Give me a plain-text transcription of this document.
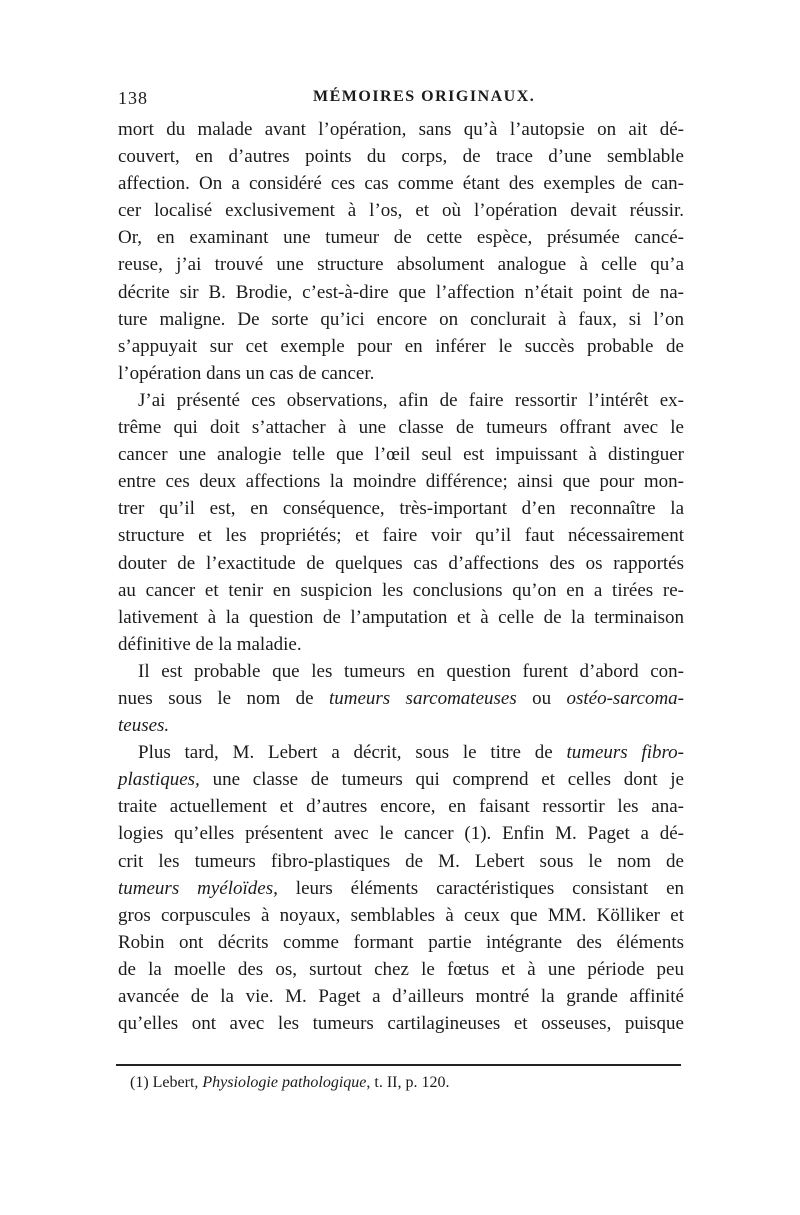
138	MÉMOIRES ORIGINAUX.
mort du malade avant l’opération, sans qu’à l’autopsie on ait dé-
couvert, en d’autres points du corps, de trace d’une semblable
affection. On a considéré ces cas comme étant des exemples de can-
cer localisé exclusivement à l’os, et où l’opération devait réussir.
Or, en examinant une tumeur de cette espèce, présumée cancé-
reuse, j’ai trouvé une structure absolument analogue à celle qu’a
décrite sir B. Brodie, c’est-à-dire que l’affection n’était point de na-
ture maligne. De sorte qu’ici encore on conclurait à faux, si l’on
s’appuyait sur cet exemple pour en inférer le succès probable de
l’opération dans un cas de cancer.
J’ai présenté ces observations, afin de faire ressortir l’intérêt ex-
trême qui doit s’attacher à une classe de tumeurs offrant avec le
cancer une analogie telle que l’œil seul est impuissant à distinguer
entre ces deux affections la moindre différence; ainsi que pour mon-
trer qu’il est, en conséquence, très-important d’en reconnaître la
structure et les propriétés; et faire voir qu’il faut nécessairement
douter de l’exactitude de quelques cas d’affections des os rapportés
au cancer et tenir en suspicion les conclusions qu’on en a tirées re-
lativement à la question de l’amputation et à celle de la terminaison
définitive de la maladie.
Il est probable que les tumeurs en question furent d’abord con-
nues sous le nom de tumeurs sarcomateuses ou ostéo-sarcoma-
teuses.
Plus tard, M. Lebert a décrit, sous le titre de tumeurs fibro-
plastiques, une classe de tumeurs qui comprend et celles dont je
traite actuellement et d’autres encore, en faisant ressortir les ana-
logies qu’elles présentent avec le cancer (1). Enfin M. Paget a dé-
crit les tumeurs fibro-plastiques de M. Lebert sous le nom de
tumeurs myéloïdes, leurs éléments caractéristiques consistant en
gros corpuscules à noyaux, semblables à ceux que MM. Kölliker et
Robin ont décrits comme formant partie intégrante des éléments
de la moelle des os, surtout chez le fœtus et à une période peu
avancée de la vie. M. Paget a d’ailleurs montré la grande affinité
qu’elles ont avec les tumeurs cartilagineuses et osseuses, puisque
(1) Lebert, Physiologie pathologique, t. II, p. 120.
